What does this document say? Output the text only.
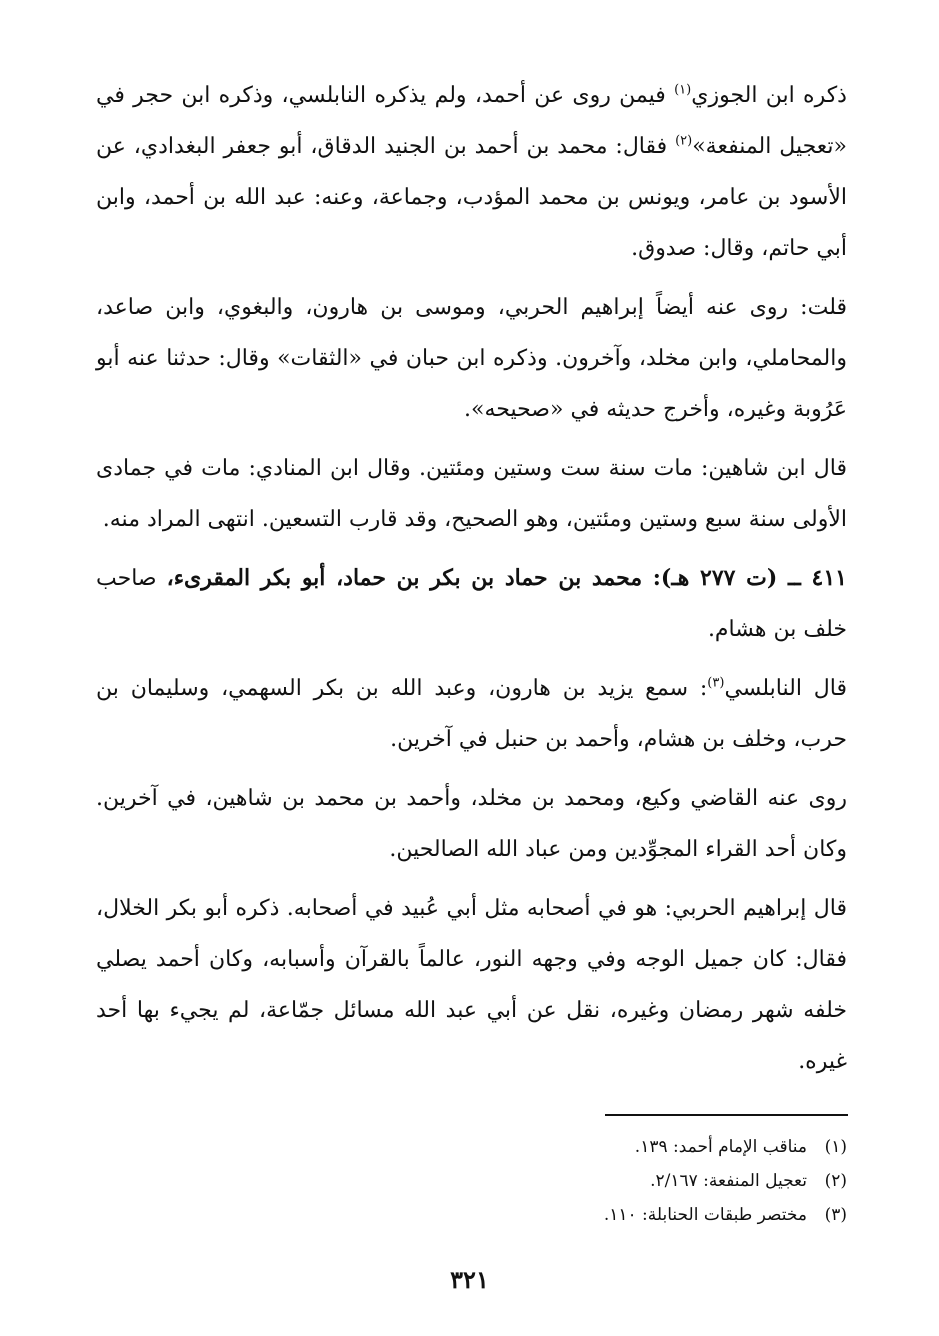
ذكره ابن الجوزي$^{(١)}$ فيمن روى عن أحمد، ولم يذكره النابلسي، وذكره ابن حجر في «تعجيل المنفعة»$^{(٢)}$ فقال: محمد بن أحمد بن الجنيد الدقاق، أبو جعفر البغدادي، عن الأسود بن عامر، ويونس بن محمد المؤدب، وجماعة، وعنه: عبد الله بن أحمد، وابن أبي حاتم، وقال: صدوق.

قلت: روى عنه أيضاً إبراهيم الحربي، وموسى بن هارون، والبغوي، وابن صاعد، والمحاملي، وابن مخلد، وآخرون. وذكره ابن حبان في «الثقات» وقال: حدثنا عنه أبو عَرُوبة وغيره، وأخرج حديثه في «صحيحه».

قال ابن شاهين: مات سنة ست وستين ومئتين. وقال ابن المنادي: مات في جمادى الأولى سنة سبع وستين ومئتين، وهو الصحيح، وقد قارب التسعين. انتهى المراد منه.

٤١١ ــ (ت ٢٧٧ هـ): محمد بن حماد بن بكر بن حماد، أبو بكر المقرىء، صاحب خلف بن هشام.

قال النابلسي$^{(٣)}$: سمع يزيد بن هارون، وعبد الله بن بكر السهمي، وسليمان بن حرب، وخلف بن هشام، وأحمد بن حنبل في آخرين.

روى عنه القاضي وكيع، ومحمد بن مخلد، وأحمد بن محمد بن شاهين، في آخرين. وكان أحد القراء المجوِّدين ومن عباد الله الصالحين.

قال إبراهيم الحربي: هو في أصحابه مثل أبي عُبيد في أصحابه. ذكره أبو بكر الخلال، فقال: كان جميل الوجه وفي وجهه النور، عالماً بالقرآن وأسبابه، وكان أحمد يصلي خلفه شهر رمضان وغيره، نقل عن أبي عبد الله مسائل جمّاعة، لم يجيء بها أحد غيره.

(١)مناقب الإمام أحمد: ١٣٩.

(٢)تعجيل المنفعة: ٢/١٦٧.

(٣)مختصر طبقات الحنابلة: ١١٠.

٣٢١
